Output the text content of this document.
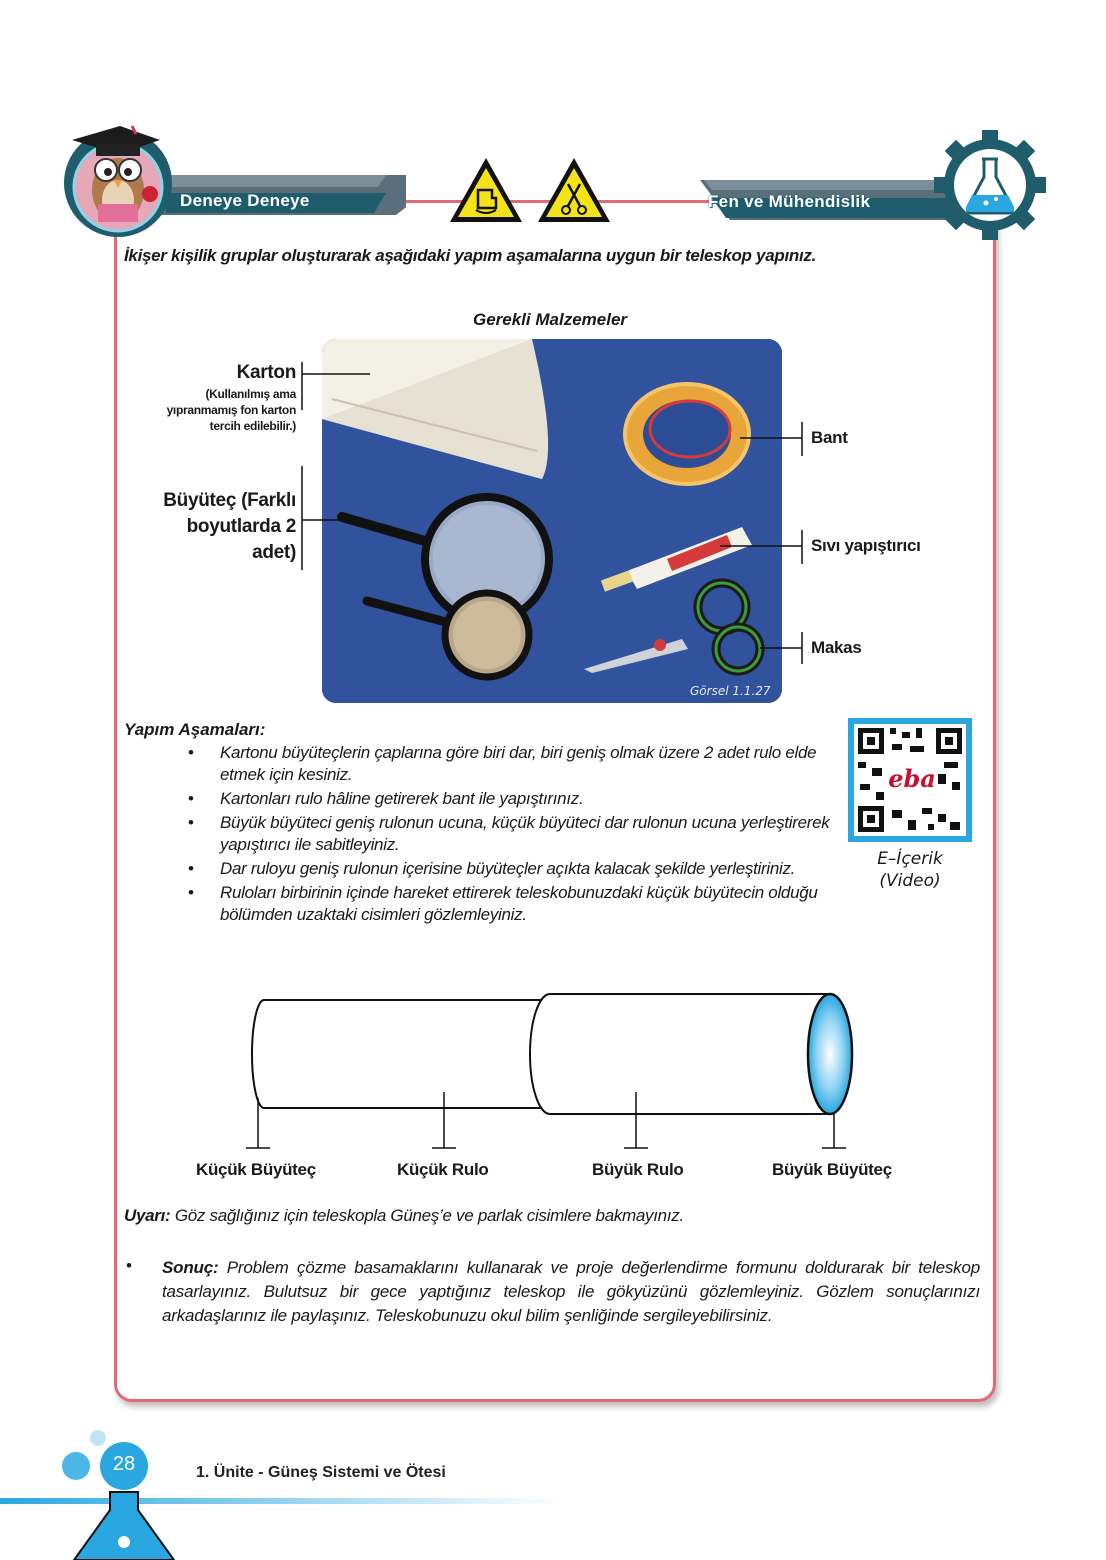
Deneye Deneye	Fen ve Mühendislik
İkişer kişilik gruplar oluşturarak aşağıdaki yapım aşamalarına uygun bir teleskop yapınız.
Gerekli Malzemeler
Görsel 1.1.27
Karton
(Kullanılmış ama yıpranmamış fon karton tercih edilebilir.)
Büyüteç (Farklı boyutlarda 2 adet)
Bant
Sıvı yapıştırıcı
Makas
Yapım Aşamaları:
• Kartonu büyüteçlerin çaplarına göre biri dar, biri geniş olmak üzere 2 adet rulo elde etmek için kesiniz.
• Kartonları rulo hâline getirerek bant ile yapıştırınız.
• Büyük büyüteci geniş rulonun ucuna, küçük büyüteci dar rulonun ucuna yerleştirerek yapıştırıcı ile sabitleyiniz.
• Dar ruloyu geniş rulonun içerisine büyüteçler açıkta kalacak şekilde yerleştiriniz.
• Ruloları birbirinin içinde hareket ettirerek teleskobunuzdaki küçük büyütecin olduğu bölümden uzaktaki cisimleri gözlemleyiniz.
eba
E–İçerik
(Video)
Küçük Büyüteç	Küçük Rulo	Büyük Rulo	Büyük Büyüteç
Uyarı: Göz sağlığınız için teleskopla Güneş’e ve parlak cisimlere bakmayınız.
• Sonuç: Problem çözme basamaklarını kullanarak ve proje değerlendirme formunu doldurarak bir teleskop tasarlayınız. Bulutsuz bir gece yaptığınız teleskop ile gökyüzünü gözlemleyiniz. Gözlem sonuçlarınızı arkadaşlarınız ile paylaşınız. Teleskobunuzu okul bilim şenliğinde sergileyebilirsiniz.
28	1. Ünite - Güneş Sistemi ve Ötesi
